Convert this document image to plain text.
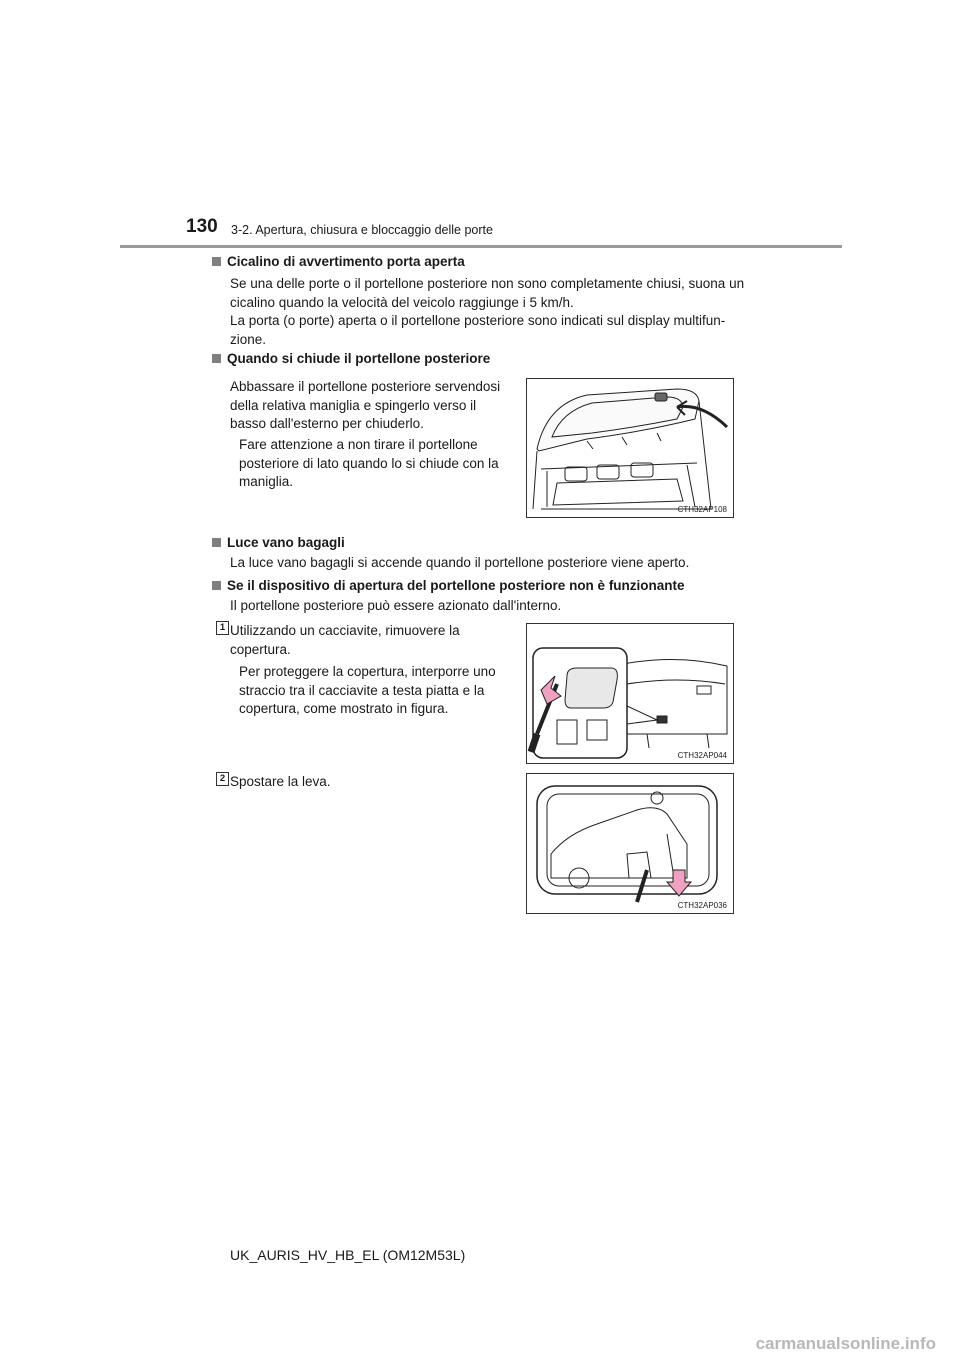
130 3-2. Apertura, chiusura e bloccaggio delle porte
Cicalino di avvertimento porta aperta
Se una delle porte o il portellone posteriore non sono completamente chiusi, suona un
cicalino quando la velocità del veicolo raggiunge i 5 km/h.
La porta (o porte) aperta o il portellone posteriore sono indicati sul display multifun-
zione.
Quando si chiude il portellone posteriore
Abbassare il portellone posteriore servendosi
della relativa maniglia e spingerlo verso il
basso dall'esterno per chiuderlo.
Fare attenzione a non tirare il portellone
posteriore di lato quando lo si chiude con la
maniglia.
CTH32AP108
Luce vano bagagli
La luce vano bagagli si accende quando il portellone posteriore viene aperto.
Se il dispositivo di apertura del portellone posteriore non è funzionante
Il portellone posteriore può essere azionato dall'interno.
1 Utilizzando un cacciavite, rimuovere la
copertura.
Per proteggere la copertura, interporre uno
straccio tra il cacciavite a testa piatta e la
copertura, come mostrato in figura.
CTH32AP044
2 Spostare la leva.
CTH32AP036
UK_AURIS_HV_HB_EL (OM12M53L)
carmanualsonline.info
